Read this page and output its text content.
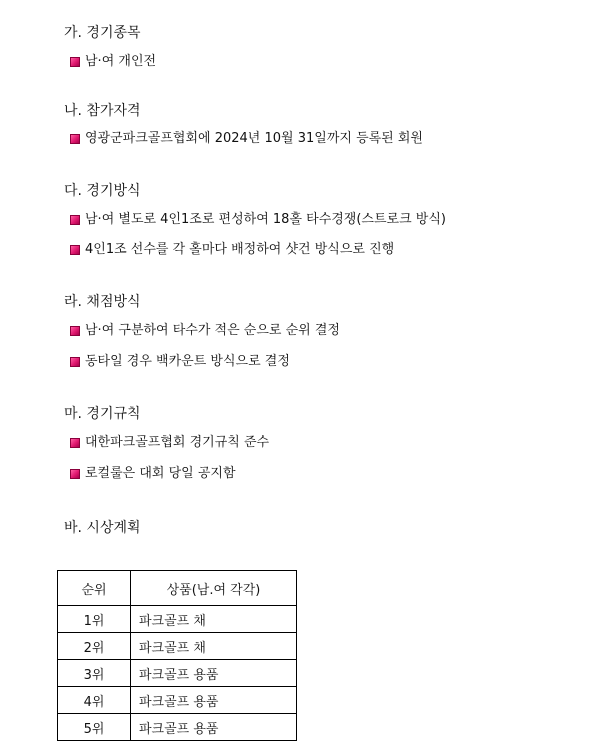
가. 경기종목
남·여 개인전
나. 참가자격
영광군파크골프협회에 2024년 10월 31일까지 등록된 회원
다. 경기방식
남·여 별도로 4인1조로 편성하여 18홀 타수경쟁(스트로크 방식)
4인1조 선수를 각 홀마다 배정하여 샷건 방식으로 진행
라. 채점방식
남·여 구분하여 타수가 적은 순으로 순위 결정
동타일 경우 백카운트 방식으로 결정
마. 경기규칙
대한파크골프협회 경기규칙 준수
로컬룰은 대회 당일 공지함
바. 시상계획
순위	상품(남.여 각각)
1위	파크골프 채
2위	파크골프 채
3위	파크골프 용품
4위	파크골프 용품
5위	파크골프 용품
